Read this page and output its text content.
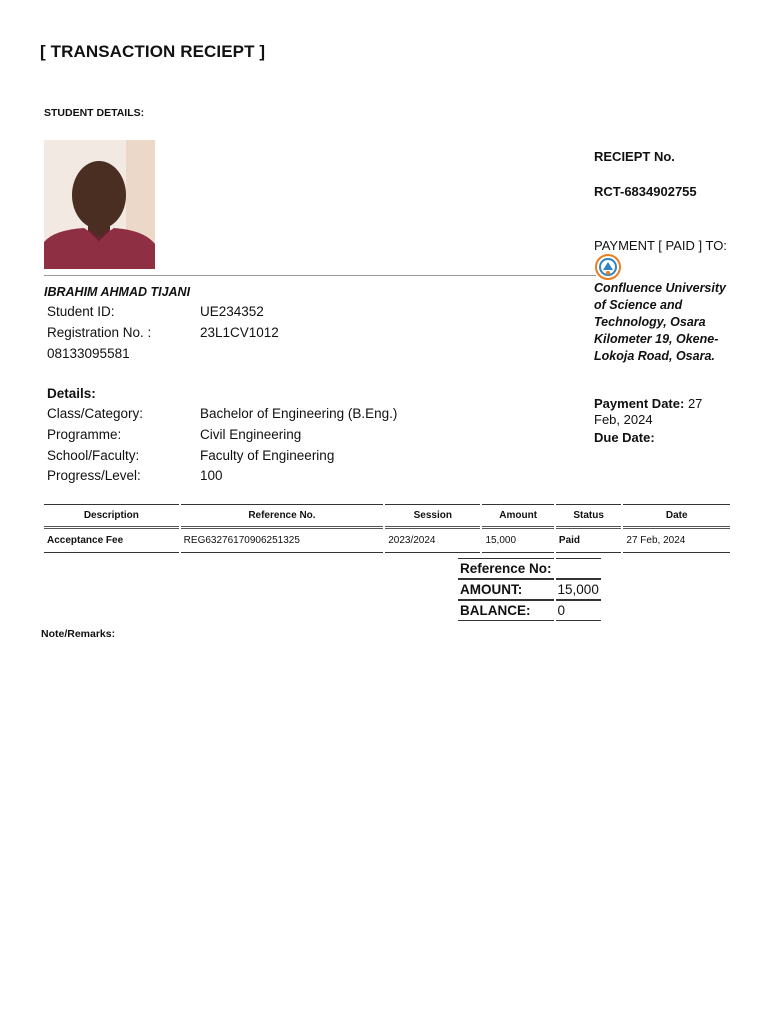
[ TRANSACTION RECIEPT ]
STUDENT DETAILS:
IBRAHIM AHMAD TIJANI
Student ID:	UE234352
Registration No. :	23L1CV1012
08133095581
Details:
Class/Category:	Bachelor of Engineering (B.Eng.)
Programme:	Civil Engineering
School/Faculty:	Faculty of Engineering
Progress/Level:	100
RECIEPT No.
RCT-6834902755
PAYMENT [ PAID ] TO:
Confluence University of Science and Technology, Osara Kilometer 19, Okene-Lokoja Road, Osara.
Payment Date: 27 Feb, 2024
Due Date:
Description	Reference No.	Session	Amount	Status	Date
Acceptance Fee	REG63276170906251325	2023/2024	15,000	Paid	27 Feb, 2024
Reference No:	
AMOUNT:	15,000
BALANCE:	0
Note/Remarks:
